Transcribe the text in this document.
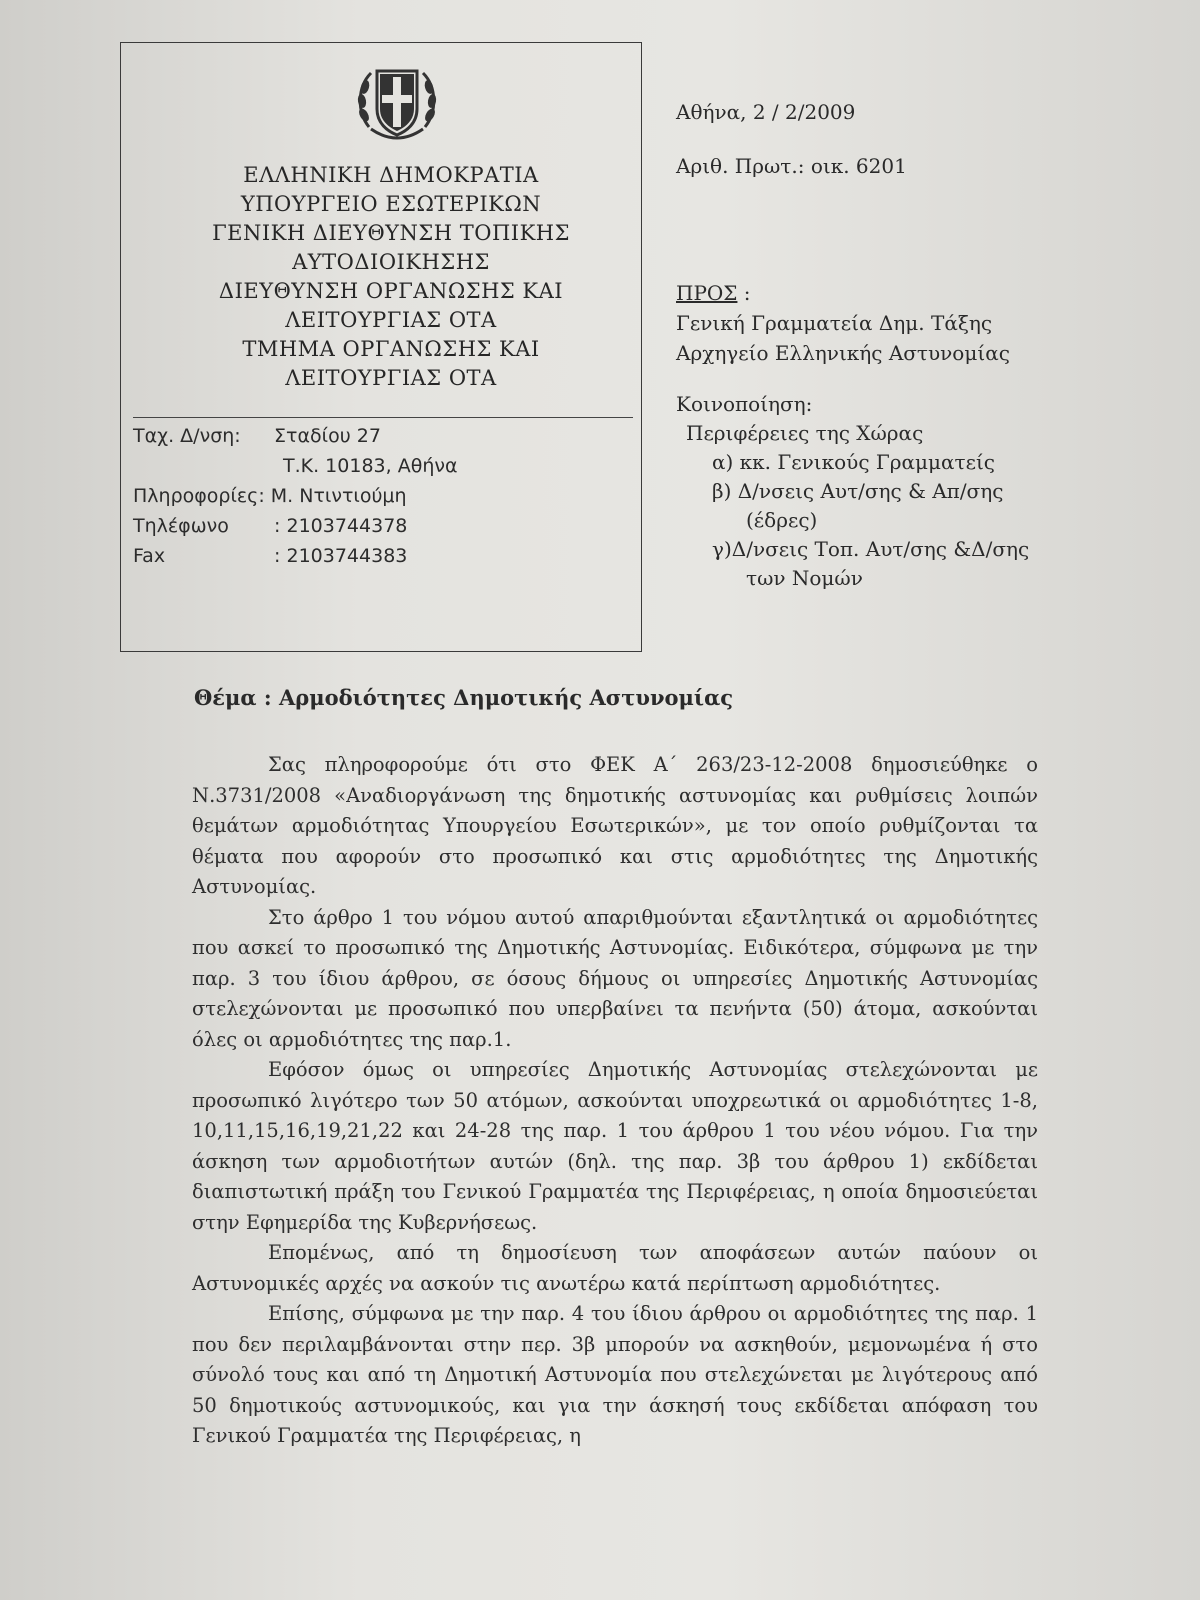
ΕΛΛΗΝΙΚΗ ΔΗΜΟΚΡΑΤΙΑ
ΥΠΟΥΡΓΕΙΟ ΕΣΩΤΕΡΙΚΩΝ
ΓΕΝΙΚΗ ΔΙΕΥΘΥΝΣΗ ΤΟΠΙΚΗΣ
ΑΥΤΟΔΙΟΙΚΗΣΗΣ
ΔΙΕΥΘΥΝΣΗ ΟΡΓΑΝΩΣΗΣ ΚΑΙ
ΛΕΙΤΟΥΡΓΙΑΣ ΟΤΑ
ΤΜΗΜΑ ΟΡΓΑΝΩΣΗΣ ΚΑΙ
ΛΕΙΤΟΥΡΓΙΑΣ ΟΤΑ
Ταχ. Δ/νση: Σταδίου 27
Τ.Κ. 10183, Αθήνα
Πληροφορίες: Μ. Ντιντιούμη
Τηλέφωνο : 2103744378
Fax	: 2103744383
Αθήνα, 2 / 2/2009
Αριθ. Πρωτ.: οικ. 6201
ΠΡΟΣ :
Γενική Γραμματεία Δημ. Τάξης
Αρχηγείο Ελληνικής Αστυνομίας
Κοινοποίηση:
Περιφέρειες της Χώρας
α) κκ. Γενικούς Γραμματείς
β) Δ/νσεις Αυτ/σης & Απ/σης
(έδρες)
γ)Δ/νσεις Τοπ. Αυτ/σης &Δ/σης
των Νομών
Θέμα : Αρμοδιότητες Δημοτικής Αστυνομίας

Σας πληροφορούμε ότι στο ΦΕΚ Α΄ 263/23-12-2008 δημοσιεύθηκε ο Ν.3731/2008 «Αναδιοργάνωση της δημοτικής αστυνομίας και ρυθμίσεις λοιπών θεμάτων αρμοδιότητας Υπουργείου Εσωτερικών», με τον οποίο ρυθμίζονται τα θέματα που αφορούν στο προσωπικό και στις αρμοδιότητες της Δημοτικής Αστυνομίας.

Στο άρθρο 1 του νόμου αυτού απαριθμούνται εξαντλητικά οι αρμοδιότητες που ασκεί το προσωπικό της Δημοτικής Αστυνομίας. Ειδικότερα, σύμφωνα με την παρ. 3 του ίδιου άρθρου, σε όσους δήμους οι υπηρεσίες Δημοτικής Αστυνομίας στελεχώνονται με προσωπικό που υπερβαίνει τα πενήντα (50) άτομα, ασκούνται όλες οι αρμοδιότητες της παρ.1.

Εφόσον όμως οι υπηρεσίες Δημοτικής Αστυνομίας στελεχώνονται με προσωπικό λιγότερο των 50 ατόμων, ασκούνται υποχρεωτικά οι αρμοδιότητες 1-8, 10,11,15,16,19,21,22 και 24-28 της παρ. 1 του άρθρου 1 του νέου νόμου. Για την άσκηση των αρμοδιοτήτων αυτών (δηλ. της παρ. 3β του άρθρου 1) εκδίδεται διαπιστωτική πράξη του Γενικού Γραμματέα της Περιφέρειας, η οποία δημοσιεύεται στην Εφημερίδα της Κυβερνήσεως.

Επομένως, από τη δημοσίευση των αποφάσεων αυτών παύουν οι Αστυνομικές αρχές να ασκούν τις ανωτέρω κατά περίπτωση αρμοδιότητες.

Επίσης, σύμφωνα με την παρ. 4 του ίδιου άρθρου οι αρμοδιότητες της παρ. 1 που δεν περιλαμβάνονται στην περ. 3β μπορούν να ασκηθούν, μεμονωμένα ή στο σύνολό τους και από τη Δημοτική Αστυνομία που στελεχώνεται με λιγότερους από 50 δημοτικούς αστυνομικούς, και για την άσκησή τους εκδίδεται απόφαση του Γενικού Γραμματέα της Περιφέρειας, η
